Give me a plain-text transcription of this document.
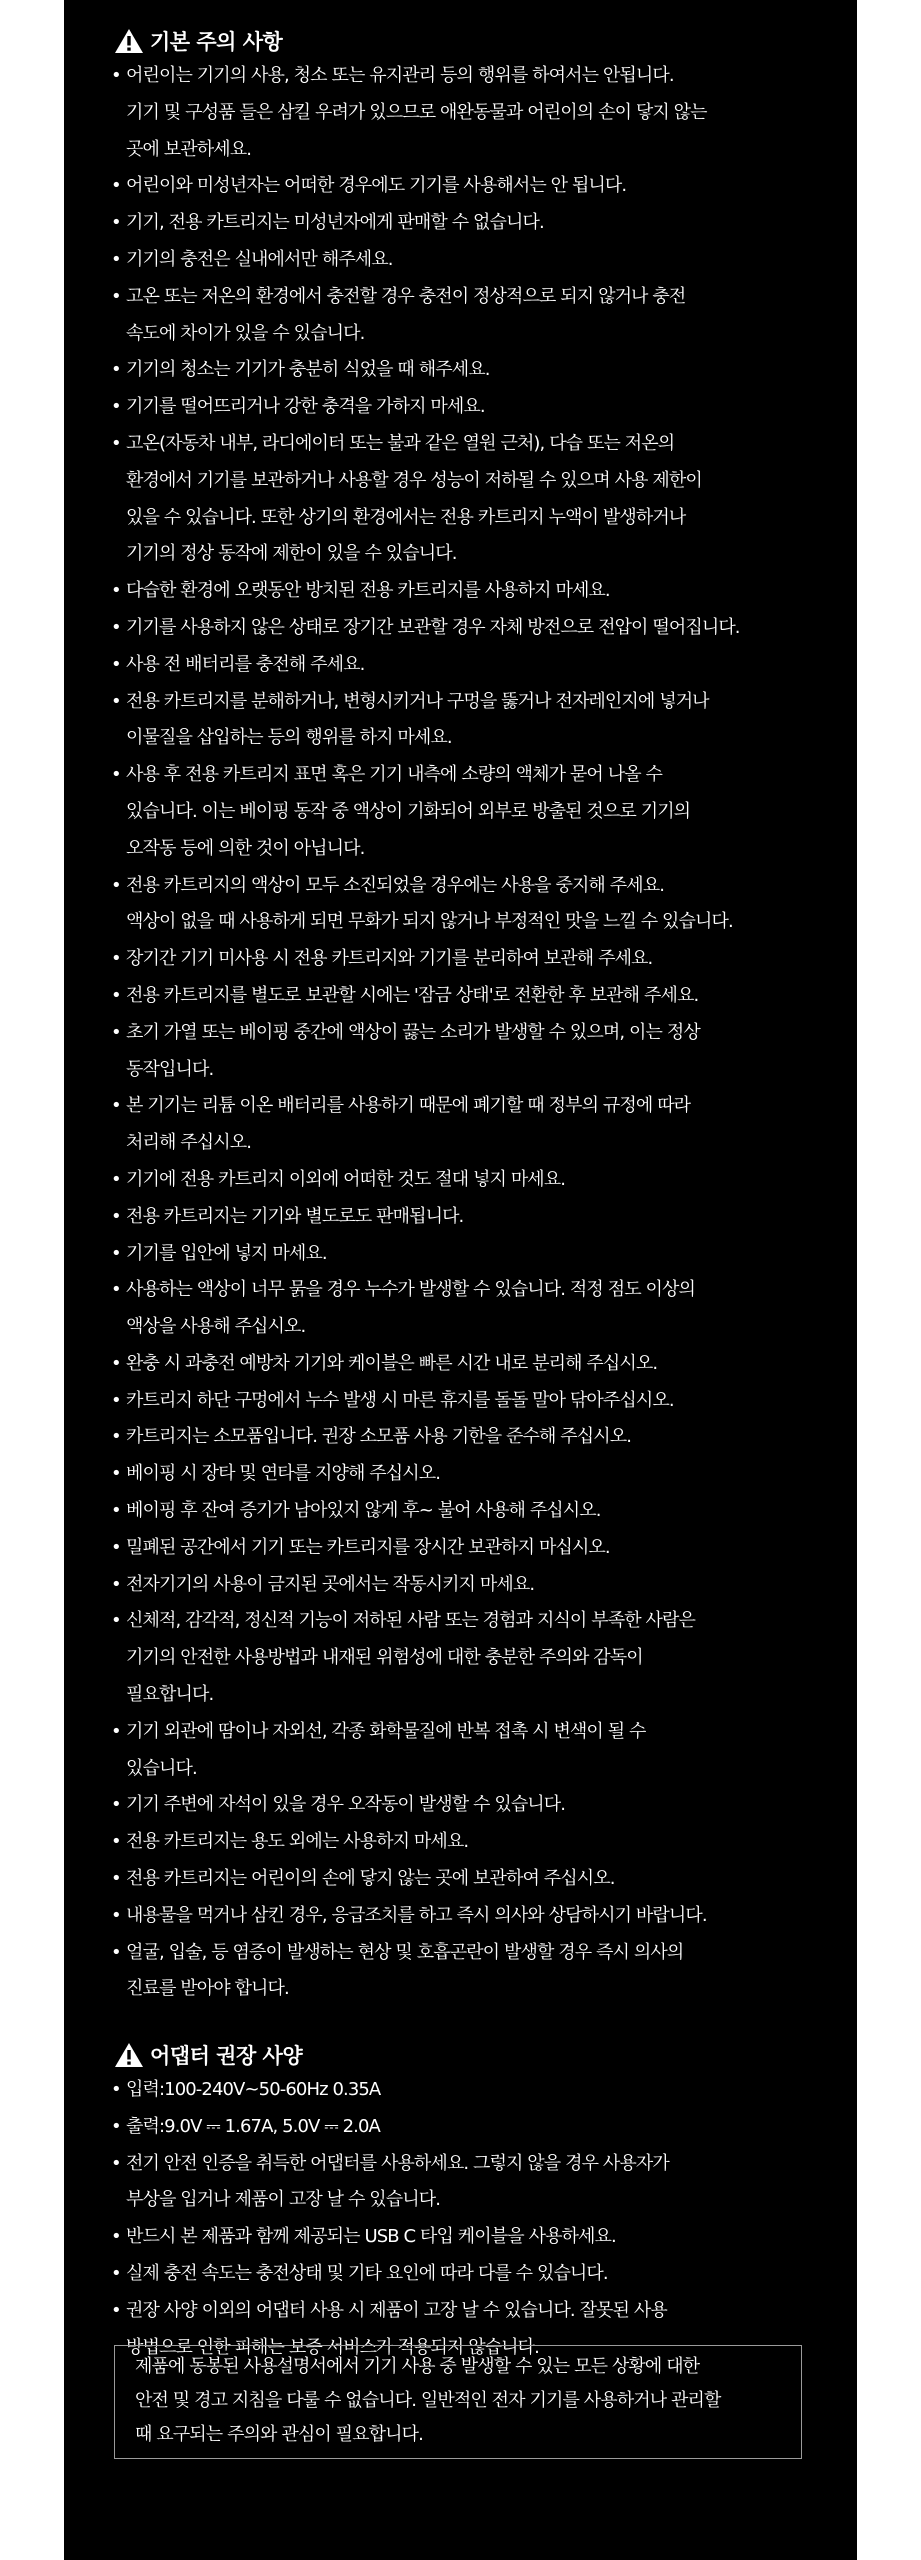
기본 주의 사항
• 어린이는 기기의 사용, 청소 또는 유지관리 등의 행위를 하여서는 안됩니다.
기기 및 구성품 들은 삼킬 우려가 있으므로 애완동물과 어린이의 손이 닿지 않는
곳에 보관하세요.
• 어린이와 미성년자는 어떠한 경우에도 기기를 사용해서는 안 됩니다.
• 기기, 전용 카트리지는 미성년자에게 판매할 수 없습니다.
• 기기의 충전은 실내에서만 해주세요.
• 고온 또는 저온의 환경에서 충전할 경우 충전이 정상적으로 되지 않거나 충전
속도에 차이가 있을 수 있습니다.
• 기기의 청소는 기기가 충분히 식었을 때 해주세요.
• 기기를 떨어뜨리거나 강한 충격을 가하지 마세요.
• 고온(자동차 내부, 라디에이터 또는 불과 같은 열원 근처), 다습 또는 저온의
환경에서 기기를 보관하거나 사용할 경우 성능이 저하될 수 있으며 사용 제한이
있을 수 있습니다. 또한 상기의 환경에서는 전용 카트리지 누액이 발생하거나
기기의 정상 동작에 제한이 있을 수 있습니다.
• 다습한 환경에 오랫동안 방치된 전용 카트리지를 사용하지 마세요.
• 기기를 사용하지 않은 상태로 장기간 보관할 경우 자체 방전으로 전압이 떨어집니다.
• 사용 전 배터리를 충전해 주세요.
• 전용 카트리지를 분해하거나, 변형시키거나 구멍을 뚫거나 전자레인지에 넣거나
이물질을 삽입하는 등의 행위를 하지 마세요.
• 사용 후 전용 카트리지 표면 혹은 기기 내측에 소량의 액체가 묻어 나올 수
있습니다. 이는 베이핑 동작 중 액상이 기화되어 외부로 방출된 것으로 기기의
오작동 등에 의한 것이 아닙니다.
• 전용 카트리지의 액상이 모두 소진되었을 경우에는 사용을 중지해 주세요.
액상이 없을 때 사용하게 되면 무화가 되지 않거나 부정적인 맛을 느낄 수 있습니다.
• 장기간 기기 미사용 시 전용 카트리지와 기기를 분리하여 보관해 주세요.
• 전용 카트리지를 별도로 보관할 시에는 '잠금 상태'로 전환한 후 보관해 주세요.
• 초기 가열 또는 베이핑 중간에 액상이 끓는 소리가 발생할 수 있으며, 이는 정상
동작입니다.
• 본 기기는 리튬 이온 배터리를 사용하기 때문에 폐기할 때 정부의 규정에 따라
처리해 주십시오.
• 기기에 전용 카트리지 이외에 어떠한 것도 절대 넣지 마세요.
• 전용 카트리지는 기기와 별도로도 판매됩니다.
• 기기를 입안에 넣지 마세요.
• 사용하는 액상이 너무 묽을 경우 누수가 발생할 수 있습니다. 적정 점도 이상의
액상을 사용해 주십시오.
• 완충 시 과충전 예방차 기기와 케이블은 빠른 시간 내로 분리해 주십시오.
• 카트리지 하단 구멍에서 누수 발생 시 마른 휴지를 돌돌 말아 닦아주십시오.
• 카트리지는 소모품입니다. 권장 소모품 사용 기한을 준수해 주십시오.
• 베이핑 시 장타 및 연타를 지양해 주십시오.
• 베이핑 후 잔여 증기가 남아있지 않게 후~ 불어 사용해 주십시오.
• 밀폐된 공간에서 기기 또는 카트리지를 장시간 보관하지 마십시오.
• 전자기기의 사용이 금지된 곳에서는 작동시키지 마세요.
• 신체적, 감각적, 정신적 기능이 저하된 사람 또는 경험과 지식이 부족한 사람은
기기의 안전한 사용방법과 내재된 위험성에 대한 충분한 주의와 감독이
필요합니다.
• 기기 외관에 땀이나 자외선, 각종 화학물질에 반복 접촉 시 변색이 될 수
있습니다.
• 기기 주변에 자석이 있을 경우 오작동이 발생할 수 있습니다.
• 전용 카트리지는 용도 외에는 사용하지 마세요.
• 전용 카트리지는 어린이의 손에 닿지 않는 곳에 보관하여 주십시오.
• 내용물을 먹거나 삼킨 경우, 응급조치를 하고 즉시 의사와 상담하시기 바랍니다.
• 얼굴, 입술, 등 염증이 발생하는 현상 및 호흡곤란이 발생할 경우 즉시 의사의
진료를 받아야 합니다.
어댑터 권장 사양
• 입력:100-240V~50-60Hz 0.35A
• 출력:9.0V ⎓ 1.67A, 5.0V ⎓ 2.0A
• 전기 안전 인증을 취득한 어댑터를 사용하세요. 그렇지 않을 경우 사용자가
부상을 입거나 제품이 고장 날 수 있습니다.
• 반드시 본 제품과 함께 제공되는 USB C 타입 케이블을 사용하세요.
• 실제 충전 속도는 충전상태 및 기타 요인에 따라 다를 수 있습니다.
• 권장 사양 이외의 어댑터 사용 시 제품이 고장 날 수 있습니다. 잘못된 사용
방법으로 인한 피해는 보증 서비스가 적용되지 않습니다.
제품에 동봉된 사용설명서에서 기기 사용 중 발생할 수 있는 모든 상황에 대한
안전 및 경고 지침을 다룰 수 없습니다. 일반적인 전자 기기를 사용하거나 관리할
때 요구되는 주의와 관심이 필요합니다.
